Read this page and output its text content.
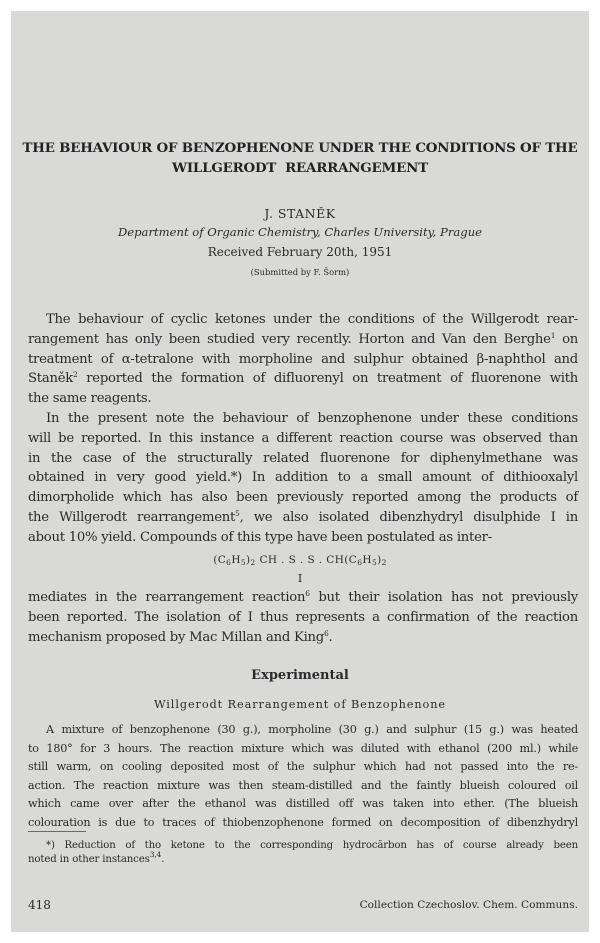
THE BEHAVIOUR OF BENZOPHENONE UNDER THE CONDITIONS OF THE
WILLGERODT  REARRANGEMENT
J. STANĚK
Department of Organic Chemistry, Charles University, Prague
Received February 20th, 1951
(Submitted by F. Šorm)
The behaviour of cyclic ketones under the conditions of the Willgerodt rear-
rangement has only been studied very recently. Horton and Van den Berghe$^1$ on
treatment of α-tetralone with morpholine and sulphur obtained β-naphthol and
Staněk$^2$ reported the formation of difluorenyl on treatment of fluorenone with
the same reagents.
In the present note the behaviour of benzophenone under these conditions
will be reported. In this instance a different reaction course was observed than
in the case of the structurally related fluorenone for diphenylmethane was
obtained in very good yield.*) In addition to a small amount of dithiooxalyl
dimorpholide which has also been previously reported among the products of
the Willgerodt rearrangement$^5$, we also isolated dibenzhydryl disulphide I in
about 10% yield. Compounds of this type have been postulated as inter-
$(C_6H_5)_2$ CH . S . S . $CH(C_6H_5)_2$
I
mediates in the rearrangement reaction$^6$ but their isolation has not previously
been reported. The isolation of I thus represents a confirmation of the reaction
mechanism proposed by Mac Millan and King$^6$.
Experimental
Willgerodt Rearrangement of Benzophenone
A mixture of benzophenone (30 g.), morpholine (30 g.) and sulphur (15 g.) was heated
to 180° for 3 hours. The reaction mixture which was diluted with ethanol (200 ml.) while
still warm, on cooling deposited most of the sulphur which had not passed into the re-
action. The reaction mixture was then steam-distilled and the faintly blueish coloured oil
which came over after the ethanol was distilled off was taken into ether. (The blueish
colouration is due to traces of thiobenzophenone formed on decomposition of dibenzhydryl
*) Reduction of tho ketone to the corresponding hydrocărbon has of course already been
noted in other instances$^{3,4}$.
418	Collection Czechoslov. Chem. Communs.
